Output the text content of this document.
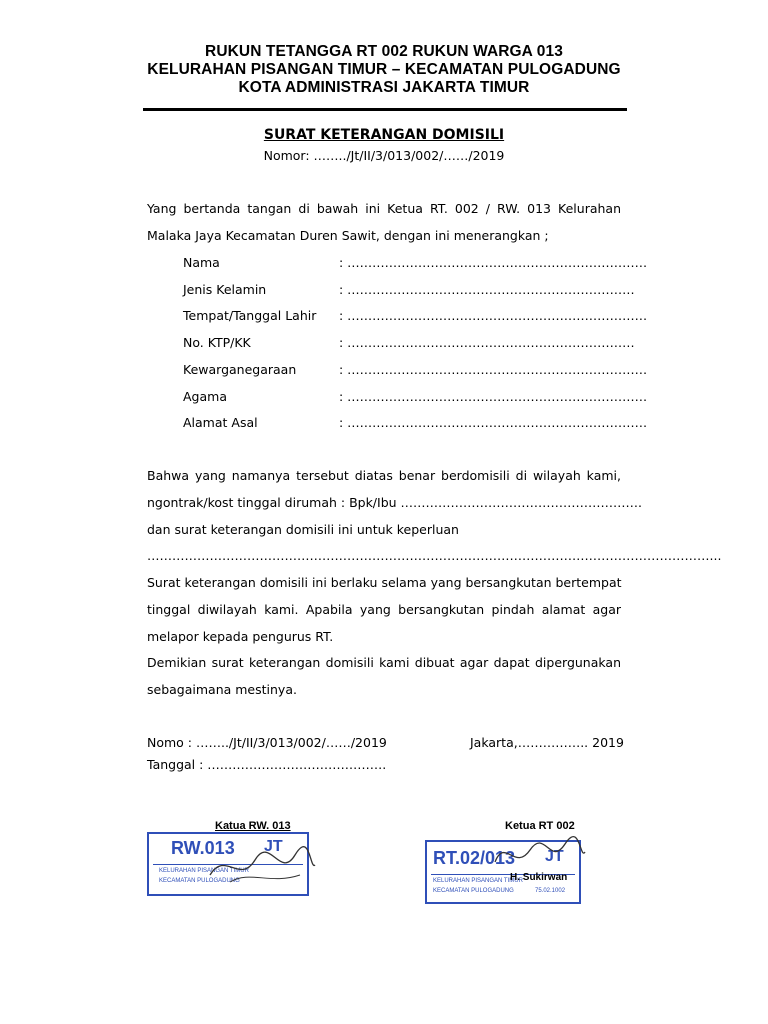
RUKUN TETANGGA RT 002 RUKUN WARGA 013
KELURAHAN PISANGAN TIMUR – KECAMATAN PULOGADUNG
KOTA ADMINISTRASI JAKARTA TIMUR
SURAT KETERANGAN DOMISILI
Nomor: ……../Jt/II/3/013/002/……/2019
Yang bertanda tangan di bawah ini Ketua RT. 002 / RW. 013 Kelurahan
Malaka Jaya Kecamatan Duren Sawit, dengan ini menerangkan ;
Nama	: ………………………………………………………………
Jenis Kelamin	: ……………………………………………………………
Tempat/Tanggal Lahir : ………………………………………………………………
No. KTP/KK	: ……………………………………………………………
Kewarganegaraan	: ………………………………………………………………
Agama	: ………………………………………………………………
Alamat Asal	: ………………………………………………………………
Bahwa yang namanya tersebut diatas benar berdomisili di wilayah kami,
ngontrak/kost tinggal dirumah : Bpk/Ibu ………………………………………………….
dan surat keterangan domisili ini untuk keperluan
………………………………………………………………………………………………………………………...
Surat keterangan domisili ini berlaku selama yang bersangkutan bertempat
tinggal diwilayah kami. Apabila yang bersangkutan pindah alamat agar
melapor kepada pengurus RT.
Demikian surat keterangan domisili kami dibuat agar dapat dipergunakan
sebagaimana mestinya.
Nomo : ……../Jt/II/3/013/002/……/2019	Jakarta,…………….. 2019
Tanggal : …………………………………….
Katua RW. 013
RW.013 JT
KELURAHAN PISANGAN TIMUR
KECAMATAN PULOGADUNG
Ketua RT 002
RT.02/013 JT
KELURAHAN PISANGAN TIMUR
KECAMATAN PULOGADUNG	75.02.1002
H. Sukirwan
